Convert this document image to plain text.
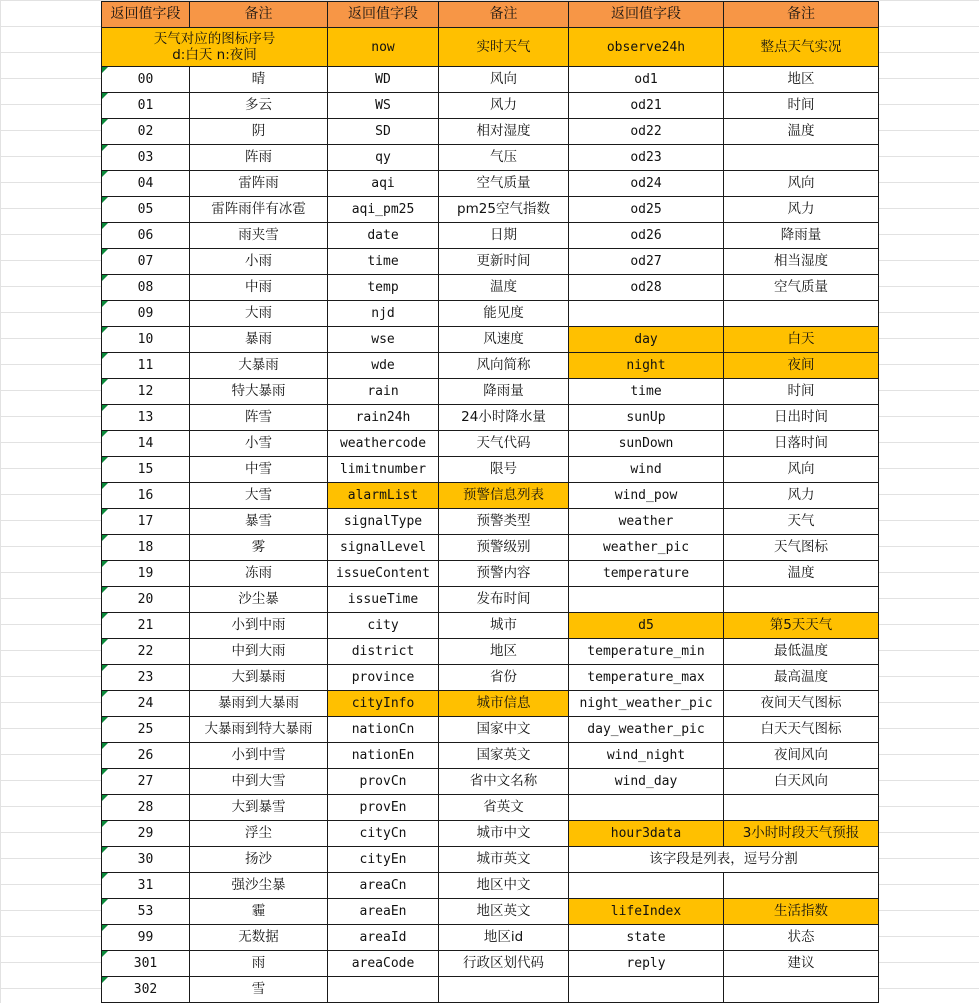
返回值字段	备注	返回值字段	备注	返回值字段	备注
天气对应的图标序号
d:白天 n:夜间		now	实时天气	observe24h	整点天气实况
00	晴	WD	风向	od1	地区
01	多云	WS	风力	od21	时间
02	阴	SD	相对湿度	od22	温度
03	阵雨	qy	气压	od23	
04	雷阵雨	aqi	空气质量	od24	风向
05	雷阵雨伴有冰雹	aqi_pm25	pm25空气指数	od25	风力
06	雨夹雪	date	日期	od26	降雨量
07	小雨	time	更新时间	od27	相当湿度
08	中雨	temp	温度	od28	空气质量
09	大雨	njd	能见度		
10	暴雨	wse	风速度	day	白天
11	大暴雨	wde	风向简称	night	夜间
12	特大暴雨	rain	降雨量	time	时间
13	阵雪	rain24h	24小时降水量	sunUp	日出时间
14	小雪	weathercode	天气代码	sunDown	日落时间
15	中雪	limitnumber	限号	wind	风向
16	大雪	alarmList	预警信息列表	wind_pow	风力
17	暴雪	signalType	预警类型	weather	天气
18	雾	signalLevel	预警级别	weather_pic	天气图标
19	冻雨	issueContent	预警内容	temperature	温度
20	沙尘暴	issueTime	发布时间		
21	小到中雨	city	城市	d5	第5天天气
22	中到大雨	district	地区	temperature_min	最低温度
23	大到暴雨	province	省份	temperature_max	最高温度
24	暴雨到大暴雨	cityInfo	城市信息	night_weather_pic	夜间天气图标
25	大暴雨到特大暴雨	nationCn	国家中文	day_weather_pic	白天天气图标
26	小到中雪	nationEn	国家英文	wind_night	夜间风向
27	中到大雪	provCn	省中文名称	wind_day	白天风向
28	大到暴雪	provEn	省英文		
29	浮尘	cityCn	城市中文	hour3data	3小时时段天气预报
30	扬沙	cityEn	城市英文	该字段是列表，逗号分割	
31	强沙尘暴	areaCn	地区中文		
53	霾	areaEn	地区英文	lifeIndex	生活指数
99	无数据	areaId	地区id	state	状态
301	雨	areaCode	行政区划代码	reply	建议
302	雪				
